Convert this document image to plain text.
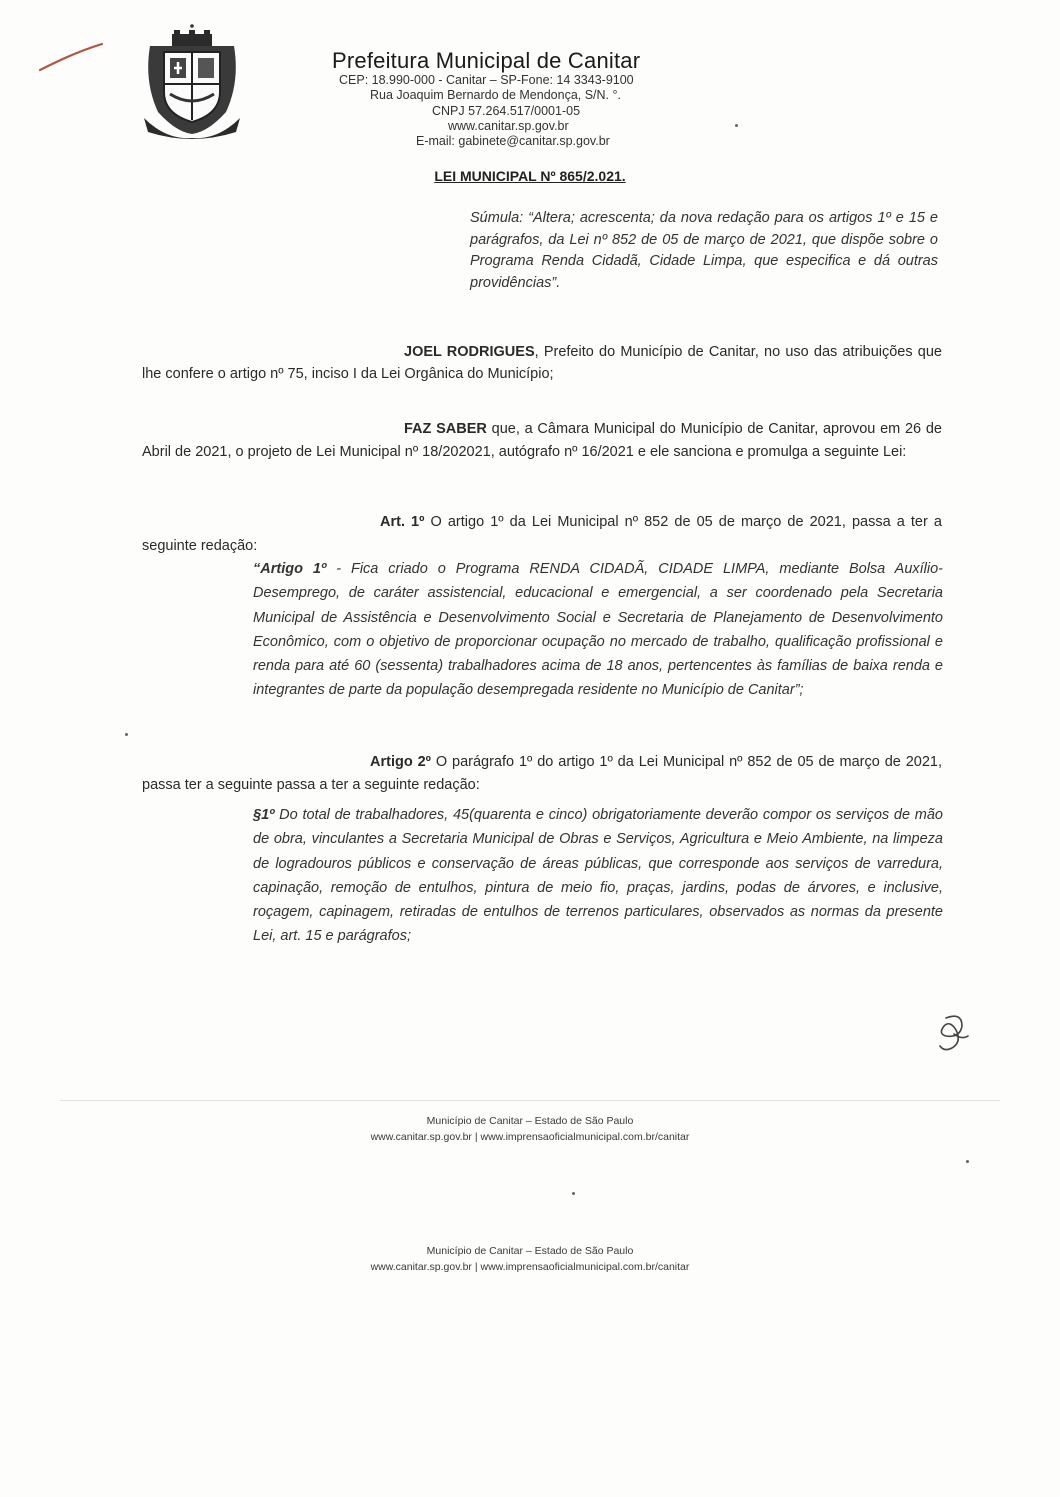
Prefeitura Municipal de Canitar
CEP: 18.990-000 - Canitar – SP-Fone: 14 3343-9100
Rua Joaquim Bernardo de Mendonça, S/N. °.
CNPJ 57.264.517/0001-05
www.canitar.sp.gov.br
E-mail: gabinete@canitar.sp.gov.br
LEI MUNICIPAL Nº 865/2.021.
Súmula: “Altera; acrescenta; da nova redação para os artigos 1º e 15 e parágrafos, da Lei nº 852 de 05 de março de 2021, que dispõe sobre o Programa Renda Cidadã, Cidade Limpa, que especifica e dá outras providências”.
JOEL RODRIGUES, Prefeito do Município de Canitar, no uso das atribuições que lhe confere o artigo nº 75, inciso I da Lei Orgânica do Município;
FAZ SABER que, a Câmara Municipal do Município de Canitar, aprovou em 26 de Abril de 2021, o projeto de Lei Municipal nº 18/202021, autógrafo nº 16/2021 e ele sanciona e promulga a seguinte Lei:
Art. 1º O artigo 1º da Lei Municipal nº 852 de 05 de março de 2021, passa a ter a seguinte redação:
“Artigo 1º - Fica criado o Programa RENDA CIDADÃ, CIDADE LIMPA, mediante Bolsa Auxílio-Desemprego, de caráter assistencial, educacional e emergencial, a ser coordenado pela Secretaria Municipal de Assistência e Desenvolvimento Social e Secretaria de Planejamento de Desenvolvimento Econômico, com o objetivo de proporcionar ocupação no mercado de trabalho, qualificação profissional e renda para até 60 (sessenta) trabalhadores acima de 18 anos, pertencentes às famílias de baixa renda e integrantes de parte da população desempregada residente no Município de Canitar”;
Artigo 2º O parágrafo 1º do artigo 1º da Lei Municipal nº 852 de 05 de março de 2021, passa ter a seguinte passa a ter a seguinte redação:
§1º Do total de trabalhadores, 45(quarenta e cinco) obrigatoriamente deverão compor os serviços de mão de obra, vinculantes a Secretaria Municipal de Obras e Serviços, Agricultura e Meio Ambiente, na limpeza de logradouros públicos e conservação de áreas públicas, que corresponde aos serviços de varredura, capinação, remoção de entulhos, pintura de meio fio, praças, jardins, podas de árvores, e inclusive, roçagem, capinagem, retiradas de entulhos de terrenos particulares, observados as normas da presente Lei, art. 15 e parágrafos;
Município de Canitar – Estado de São Paulo
www.canitar.sp.gov.br | www.imprensaoficialmunicipal.com.br/canitar
Município de Canitar – Estado de São Paulo
www.canitar.sp.gov.br | www.imprensaoficialmunicipal.com.br/canitar
